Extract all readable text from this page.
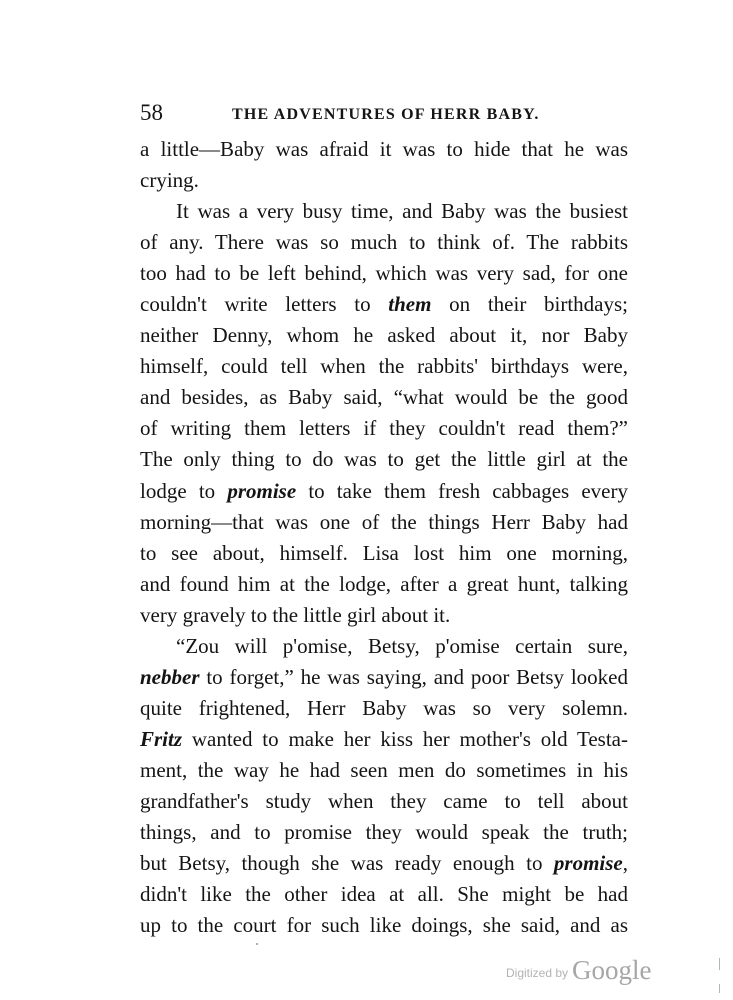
58	THE ADVENTURES OF HERR BABY.
a little—Baby was afraid it was to hide that he was
crying.
It was a very busy time, and Baby was the busiest
of any. There was so much to think of. The rabbits
too had to be left behind, which was very sad, for one
couldn't write letters to them on their birthdays;
neither Denny, whom he asked about it, nor Baby
himself, could tell when the rabbits' birthdays were,
and besides, as Baby said, “what would be the good
of writing them letters if they couldn't read them?”
The only thing to do was to get the little girl at the
lodge to promise to take them fresh cabbages every
morning—that was one of the things Herr Baby had
to see about, himself. Lisa lost him one morning,
and found him at the lodge, after a great hunt, talking
very gravely to the little girl about it.
“Zou will p'omise, Betsy, p'omise certain sure,
nebber to forget,” he was saying, and poor Betsy looked
quite frightened, Herr Baby was so very solemn.
Fritz wanted to make her kiss her mother's old Testa-
ment, the way he had seen men do sometimes in his
grandfather's study when they came to tell about
things, and to promise they would speak the truth;
but Betsy, though she was ready enough to promise,
didn't like the other idea at all. She might be had
up to the court for such like doings, she said, and as
Digitized by Google
